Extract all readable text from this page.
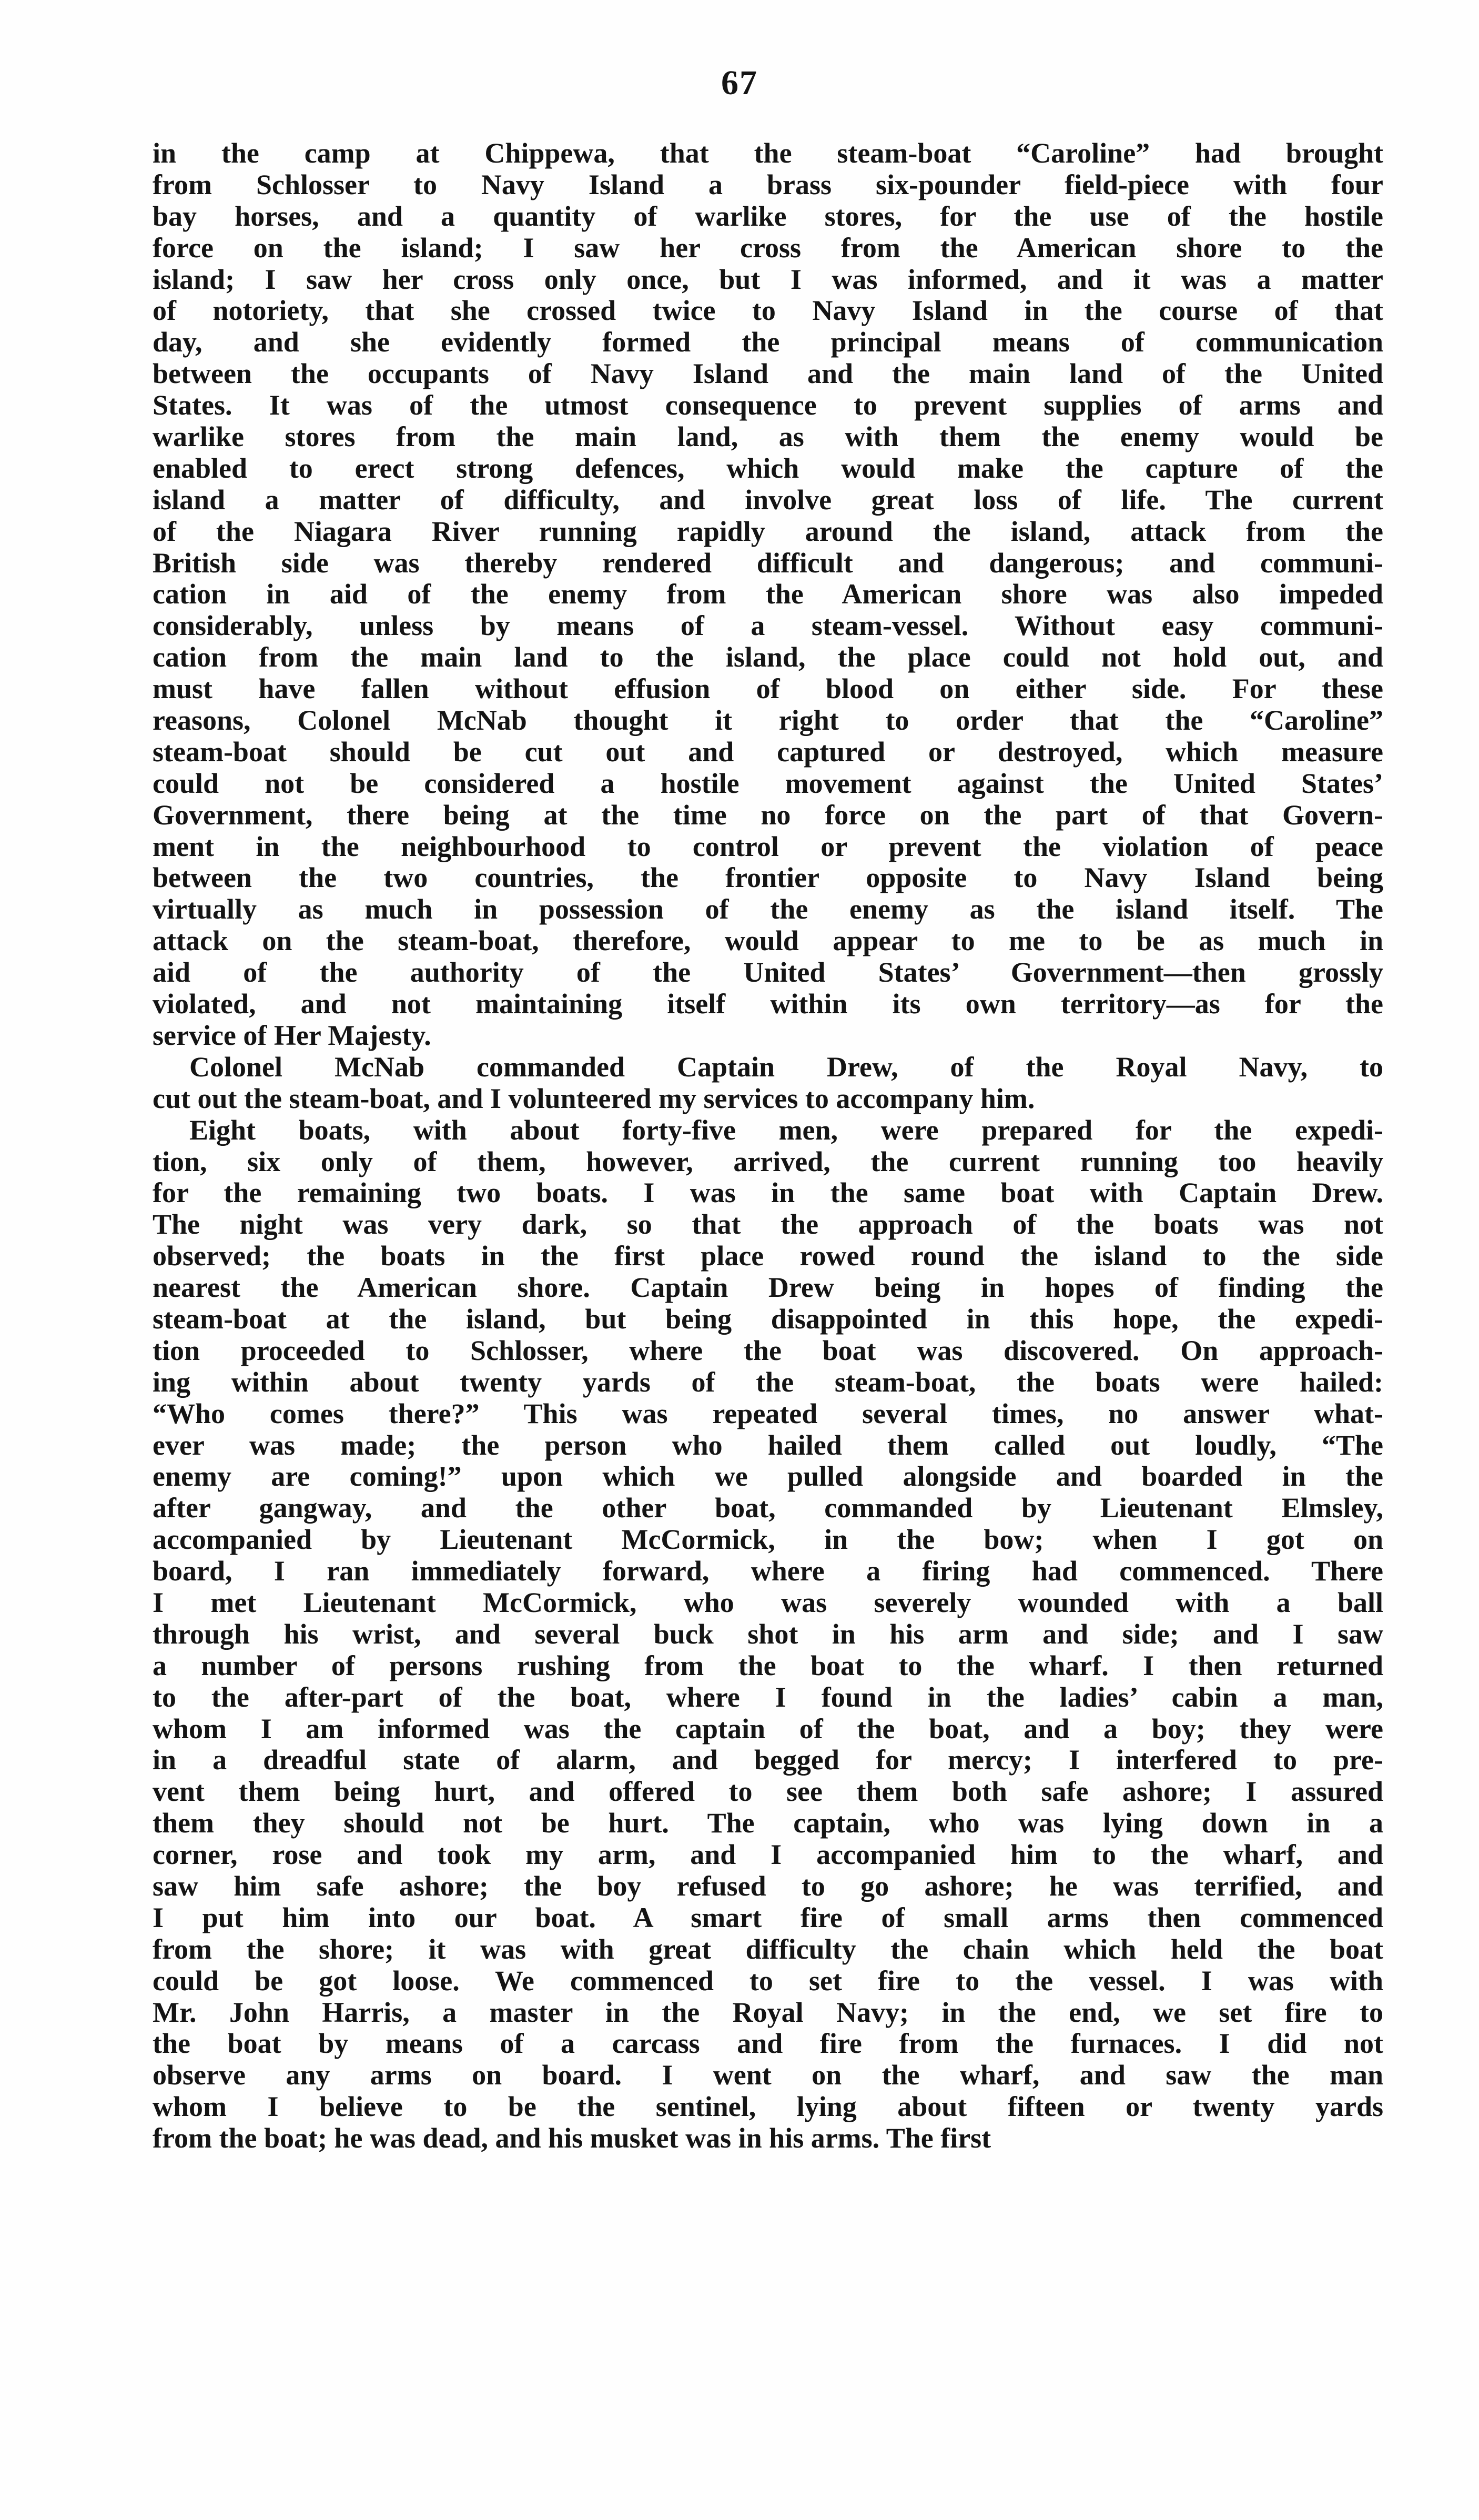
67
in the camp at Chippewa, that the steam-boat “Caroline” had brought
from Schlosser to Navy Island a brass six-pounder field-piece with four
bay horses, and a quantity of warlike stores, for the use of the hostile
force on the island; I saw her cross from the American shore to the
island; I saw her cross only once, but I was informed, and it was a matter
of notoriety, that she crossed twice to Navy Island in the course of that
day, and she evidently formed the principal means of communication
between the occupants of Navy Island and the main land of the United
States. It was of the utmost consequence to prevent supplies of arms and
warlike stores from the main land, as with them the enemy would be
enabled to erect strong defences, which would make the capture of the
island a matter of difficulty, and involve great loss of life. The current
of the Niagara River running rapidly around the island, attack from the
British side was thereby rendered difficult and dangerous; and communi-
cation in aid of the enemy from the American shore was also impeded
considerably, unless by means of a steam-vessel. Without easy communi-
cation from the main land to the island, the place could not hold out, and
must have fallen without effusion of blood on either side. For these
reasons, Colonel McNab thought it right to order that the “Caroline”
steam-boat should be cut out and captured or destroyed, which measure
could not be considered a hostile movement against the United States’
Government, there being at the time no force on the part of that Govern-
ment in the neighbourhood to control or prevent the violation of peace
between the two countries, the frontier opposite to Navy Island being
virtually as much in possession of the enemy as the island itself. The
attack on the steam-boat, therefore, would appear to me to be as much in
aid of the authority of the United States’ Government—then grossly
violated, and not maintaining itself within its own territory—as for the
service of Her Majesty.
Colonel McNab commanded Captain Drew, of the Royal Navy, to
cut out the steam-boat, and I volunteered my services to accompany him.
Eight boats, with about forty-five men, were prepared for the expedi-
tion, six only of them, however, arrived, the current running too heavily
for the remaining two boats. I was in the same boat with Captain Drew.
The night was very dark, so that the approach of the boats was not
observed; the boats in the first place rowed round the island to the side
nearest the American shore. Captain Drew being in hopes of finding the
steam-boat at the island, but being disappointed in this hope, the expedi-
tion proceeded to Schlosser, where the boat was discovered. On approach-
ing within about twenty yards of the steam-boat, the boats were hailed:
“Who comes there?” This was repeated several times, no answer what-
ever was made; the person who hailed them called out loudly, “The
enemy are coming!” upon which we pulled alongside and boarded in the
after gangway, and the other boat, commanded by Lieutenant Elmsley,
accompanied by Lieutenant McCormick, in the bow; when I got on
board, I ran immediately forward, where a firing had commenced. There
I met Lieutenant McCormick, who was severely wounded with a ball
through his wrist, and several buck shot in his arm and side; and I saw
a number of persons rushing from the boat to the wharf. I then returned
to the after-part of the boat, where I found in the ladies’ cabin a man,
whom I am informed was the captain of the boat, and a boy; they were
in a dreadful state of alarm, and begged for mercy; I interfered to pre-
vent them being hurt, and offered to see them both safe ashore; I assured
them they should not be hurt. The captain, who was lying down in a
corner, rose and took my arm, and I accompanied him to the wharf, and
saw him safe ashore; the boy refused to go ashore; he was terrified, and
I put him into our boat. A smart fire of small arms then commenced
from the shore; it was with great difficulty the chain which held the boat
could be got loose. We commenced to set fire to the vessel. I was with
Mr. John Harris, a master in the Royal Navy; in the end, we set fire to
the boat by means of a carcass and fire from the furnaces. I did not
observe any arms on board. I went on the wharf, and saw the man
whom I believe to be the sentinel, lying about fifteen or twenty yards
from the boat; he was dead, and his musket was in his arms. The first
